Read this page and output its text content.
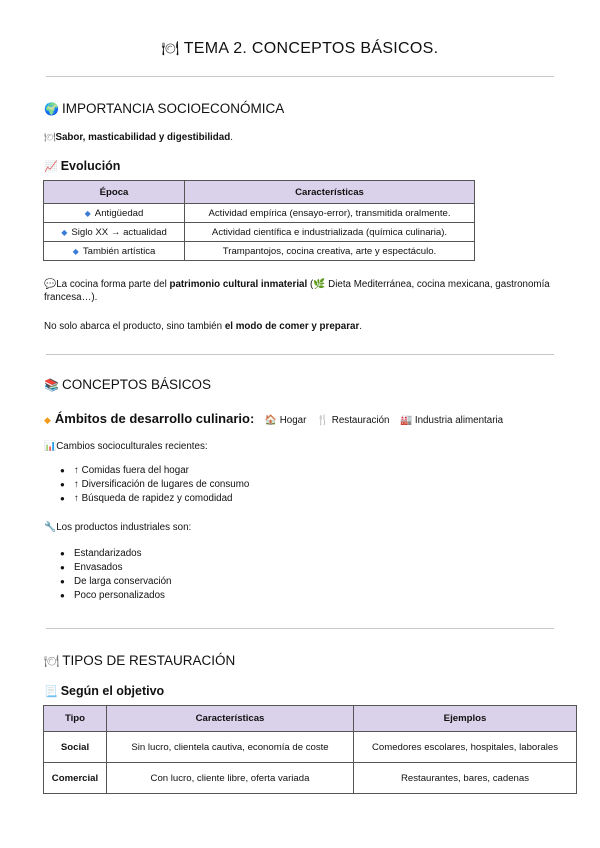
🍽 TEMA 2. CONCEPTOS BÁSICOS.
🌍 IMPORTANCIA SOCIOECONÓMICA
🍽Sabor, masticabilidad y digestibilidad.
📈 Evolución
Época	Características
◆ Antigüedad	Actividad empírica (ensayo-error), transmitida oralmente.
◆ Siglo XX → actualidad	Actividad científica e industrializada (química culinaria).
◆ También artística	Trampantojos, cocina creativa, arte y espectáculo.
💬La cocina forma parte del patrimonio cultural inmaterial (🌿 Dieta Mediterránea, cocina mexicana, gastronomía francesa…).
No solo abarca el producto, sino también el modo de comer y preparar.
📚 CONCEPTOS BÁSICOS
◆ Ámbitos de desarrollo culinario: 🏠 Hogar 🍴 Restauración 🏭 Industria alimentaria
📊Cambios socioculturales recientes:
● ↑ Comidas fuera del hogar
● ↑ Diversificación de lugares de consumo
● ↑ Búsqueda de rapidez y comodidad
🔧Los productos industriales son:
● Estandarizados
● Envasados
● De larga conservación
● Poco personalizados
🍽 TIPOS DE RESTAURACIÓN
📃 Según el objetivo
Tipo	Características	Ejemplos
Social	Sin lucro, clientela cautiva, economía de coste	Comedores escolares, hospitales, laborales
Comercial	Con lucro, cliente libre, oferta variada	Restaurantes, bares, cadenas
